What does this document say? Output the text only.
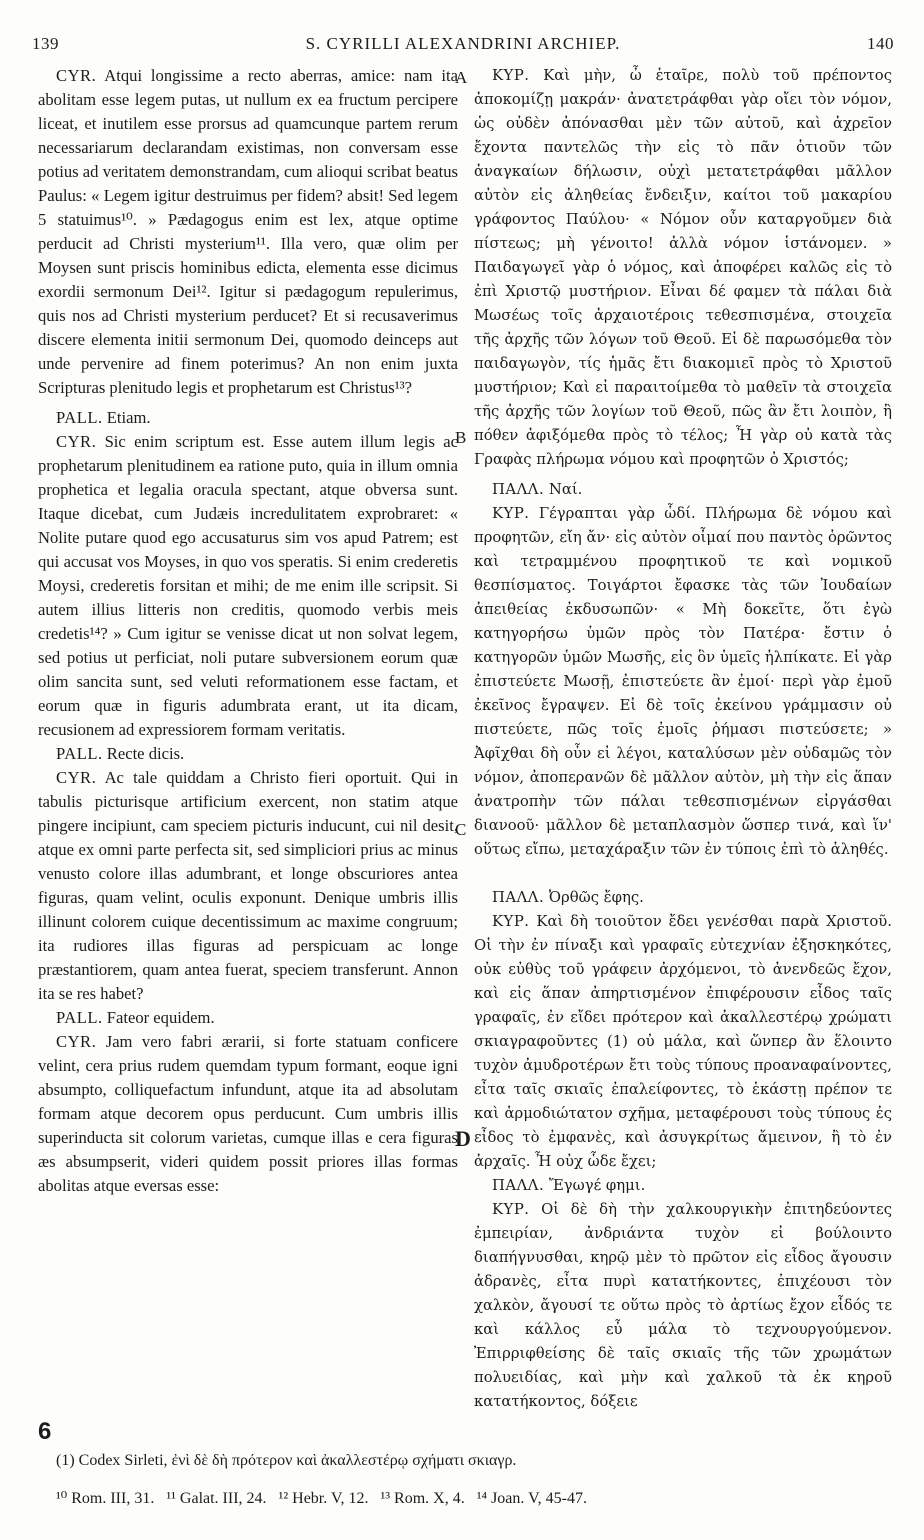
139	S. CYRILLI ALEXANDRINI ARCHIEP.	140
A
B
C
D
6

CYR. Atqui longissime a recto aberras, amice: nam ita abolitam esse legem putas, ut nullum ex ea fructum percipere liceat, et inutilem esse prorsus ad quamcunque partem rerum necessariarum declarandam existimas, non conversam esse potius ad veritatem demonstrandam, cum alioqui scribat beatus Paulus: « Legem igitur destruimus per fidem? absit! Sed legem 5 statuimus¹⁰. » Pædagogus enim est lex, atque optime perducit ad Christi mysterium¹¹. Illa vero, quæ olim per Moysen sunt priscis hominibus edicta, elementa esse dicimus exordii sermonum Dei¹². Igitur si pædagogum repulerimus, quis nos ad Christi mysterium perducet? Et si recusaverimus discere elementa initii sermonum Dei, quomodo deinceps aut unde pervenire ad finem poterimus? An non enim juxta Scripturas plenitudo legis et prophetarum est Christus¹³?

PALL. Etiam.

CYR. Sic enim scriptum est. Esse autem illum legis ac prophetarum plenitudinem ea ratione puto, quia in illum omnia prophetica et legalia oracula spectant, atque obversa sunt. Itaque dicebat, cum Judæis incredulitatem exprobraret: « Nolite putare quod ego accusaturus sim vos apud Patrem; est qui accusat vos Moyses, in quo vos speratis. Si enim crederetis Moysi, crederetis forsitan et mihi; de me enim ille scripsit. Si autem illius litteris non creditis, quomodo verbis meis credetis¹⁴? » Cum igitur se venisse dicat ut non solvat legem, sed potius ut perficiat, noli putare subversionem eorum quæ olim sancita sunt, sed veluti reformationem esse factam, et eorum quæ in figuris adumbrata erant, ut ita dicam, recusionem ad expressiorem formam veritatis.

PALL. Recte dicis.

CYR. Ac tale quiddam a Christo fieri oportuit. Qui in tabulis picturisque artificium exercent, non statim atque pingere incipiunt, cam speciem picturis inducunt, cui nil desit, atque ex omni parte perfecta sit, sed simpliciori prius ac minus venusto colore illas adumbrant, et longe obscuriores antea figuras, quam velint, oculis exponunt. Denique umbris illis illinunt colorem cuique decentissimum ac maxime congruum; ita rudiores illas figuras ad perspicuam ac longe præstantiorem, quam antea fuerat, speciem transferunt. Annon ita se res habet?

PALL. Fateor equidem.

CYR. Jam vero fabri ærarii, si forte statuam conficere velint, cera prius rudem quemdam typum formant, eoque igni absumpto, colliquefactum infundunt, atque ita ad absolutam formam atque decorem opus perducunt. Cum umbris illis superinducta sit colorum varietas, cumque illas e cera figuras æs absumpserit, videri quidem possit priores illas formas abolitas atque eversas esse:

ΚΥΡ. Καὶ μὴν, ὦ ἑταῖρε, πολὺ τοῦ πρέποντος ἀποκομίζῃ μακράν· ἀνατετράφθαι γὰρ οἴει τὸν νόμον, ὡς οὐδὲν ἀπόνασθαι μὲν τῶν αὐτοῦ, καὶ ἀχρεῖον ἔχοντα παντελῶς τὴν εἰς τὸ πᾶν ὁτιοῦν τῶν ἀναγκαίων δήλωσιν, οὐχὶ μετατετράφθαι μᾶλλον αὐτὸν εἰς ἀληθείας ἔνδειξιν, καίτοι τοῦ μακαρίου γράφοντος Παύλου· « Νόμον οὖν καταργοῦμεν διὰ πίστεως; μὴ γένοιτο! ἀλλὰ νόμον ἱστάνομεν. » Παιδαγωγεῖ γὰρ ὁ νόμος, καὶ ἀποφέρει καλῶς εἰς τὸ ἐπὶ Χριστῷ μυστήριον. Εἶναι δέ φαμεν τὰ πάλαι διὰ Μωσέως τοῖς ἀρχαιοτέροις τεθεσπισμένα, στοιχεῖα τῆς ἀρχῆς τῶν λόγων τοῦ Θεοῦ. Εἰ δὲ παρωσόμεθα τὸν παιδαγωγὸν, τίς ἡμᾶς ἔτι διακομιεῖ πρὸς τὸ Χριστοῦ μυστήριον; Καὶ εἰ παραιτοίμεθα τὸ μαθεῖν τὰ στοιχεῖα τῆς ἀρχῆς τῶν λογίων τοῦ Θεοῦ, πῶς ἂν ἔτι λοιπὸν, ἢ πόθεν ἀφιξόμεθα πρὸς τὸ τέλος; Ἦ γὰρ οὐ κατὰ τὰς Γραφὰς πλήρωμα νόμου καὶ προφητῶν ὁ Χριστός;

ΠΑΛΛ. Ναί.

ΚΥΡ. Γέγραπται γὰρ ὧδί. Πλήρωμα δὲ νόμου καὶ προφητῶν, εἴη ἄν· εἰς αὐτὸν οἶμαί που παντὸς ὁρῶντος καὶ τετραμμένου προφητικοῦ τε καὶ νομικοῦ θεσπίσματος. Τοιγάρτοι ἔφασκε τὰς τῶν Ἰουδαίων ἀπειθείας ἐκδυσωπῶν· « Μὴ δοκεῖτε, ὅτι ἐγὼ κατηγορήσω ὑμῶν πρὸς τὸν Πατέρα· ἔστιν ὁ κατηγορῶν ὑμῶν Μωσῆς, εἰς ὃν ὑμεῖς ἠλπίκατε. Εἰ γὰρ ἐπιστεύετε Μωσῇ, ἐπιστεύετε ἂν ἐμοί· περὶ γὰρ ἐμοῦ ἐκεῖνος ἔγραψεν. Εἰ δὲ τοῖς ἐκείνου γράμμασιν οὐ πιστεύετε, πῶς τοῖς ἐμοῖς ῥήμασι πιστεύσετε; » Ἀφῖχθαι δὴ οὖν εἰ λέγοι, καταλύσων μὲν οὐδαμῶς τὸν νόμον, ἀποπερανῶν δὲ μᾶλλον αὐτὸν, μὴ τὴν εἰς ἅπαν ἀνατροπὴν τῶν πάλαι τεθεσπισμένων εἰργάσθαι διανοοῦ· μᾶλλον δὲ μεταπλασμὸν ὥσπερ τινά, καὶ ἵν' οὕτως εἴπω, μεταχάραξιν τῶν ἐν τύποις ἐπὶ τὸ ἀληθές.

ΠΑΛΛ. Ὀρθῶς ἔφης.

ΚΥΡ. Καὶ δὴ τοιοῦτον ἔδει γενέσθαι παρὰ Χριστοῦ. Οἱ τὴν ἐν πίναξι καὶ γραφαῖς εὐτεχνίαν ἐξησκηκότες, οὐκ εὐθὺς τοῦ γράφειν ἀρχόμενοι, τὸ ἀνενδεῶς ἔχον, καὶ εἰς ἅπαν ἀπηρτισμένον ἐπιφέρουσιν εἶδος ταῖς γραφαῖς, ἐν εἴδει πρότερον καὶ ἀκαλλεστέρῳ χρώματι σκιαγραφοῦντες (1) οὐ μάλα, καὶ ὥνπερ ἂν ἕλοιντο τυχὸν ἀμυδροτέρων ἔτι τοὺς τύπους προαναφαίνοντες, εἶτα ταῖς σκιαῖς ἐπαλείφοντες, τὸ ἑκάστῃ πρέπον τε καὶ ἁρμοδιώτατον σχῆμα, μεταφέρουσι τοὺς τύπους ἐς εἶδος τὸ ἐμφανὲς, καὶ ἀσυγκρίτως ἄμεινον, ἢ τὸ ἐν ἀρχαῖς. Ἦ οὐχ ὧδε ἔχει;

ΠΑΛΛ. Ἔγωγέ φημι.

ΚΥΡ. Οἱ δὲ δὴ τὴν χαλκουργικὴν ἐπιτηδεύοντες ἐμπειρίαν, ἀνδριάντα τυχὸν εἰ βούλοιντο διαπήγνυσθαι, κηρῷ μὲν τὸ πρῶτον εἰς εἶδος ἄγουσιν ἀδρανὲς, εἶτα πυρὶ κατατήκοντες, ἐπιχέουσι τὸν χαλκὸν, ἄγουσί τε οὕτω πρὸς τὸ ἀρτίως ἔχον εἶδός τε καὶ κάλλος εὖ μάλα τὸ τεχνουργούμενον. Ἐπιρριφθείσης δὲ ταῖς σκιαῖς τῆς τῶν χρωμάτων πολυειδίας, καὶ μὴν καὶ χαλκοῦ τὰ ἐκ κηροῦ κατατήκοντος, δόξειε

(1) Codex Sirleti, ἐνὶ δὲ δὴ πρότερον καὶ ἀκαλλεστέρῳ σχήματι σκιαγρ.
¹⁰ Rom. III, 31.   ¹¹ Galat. III, 24.   ¹² Hebr. V, 12.   ¹³ Rom. X, 4.   ¹⁴ Joan. V, 45-47.
